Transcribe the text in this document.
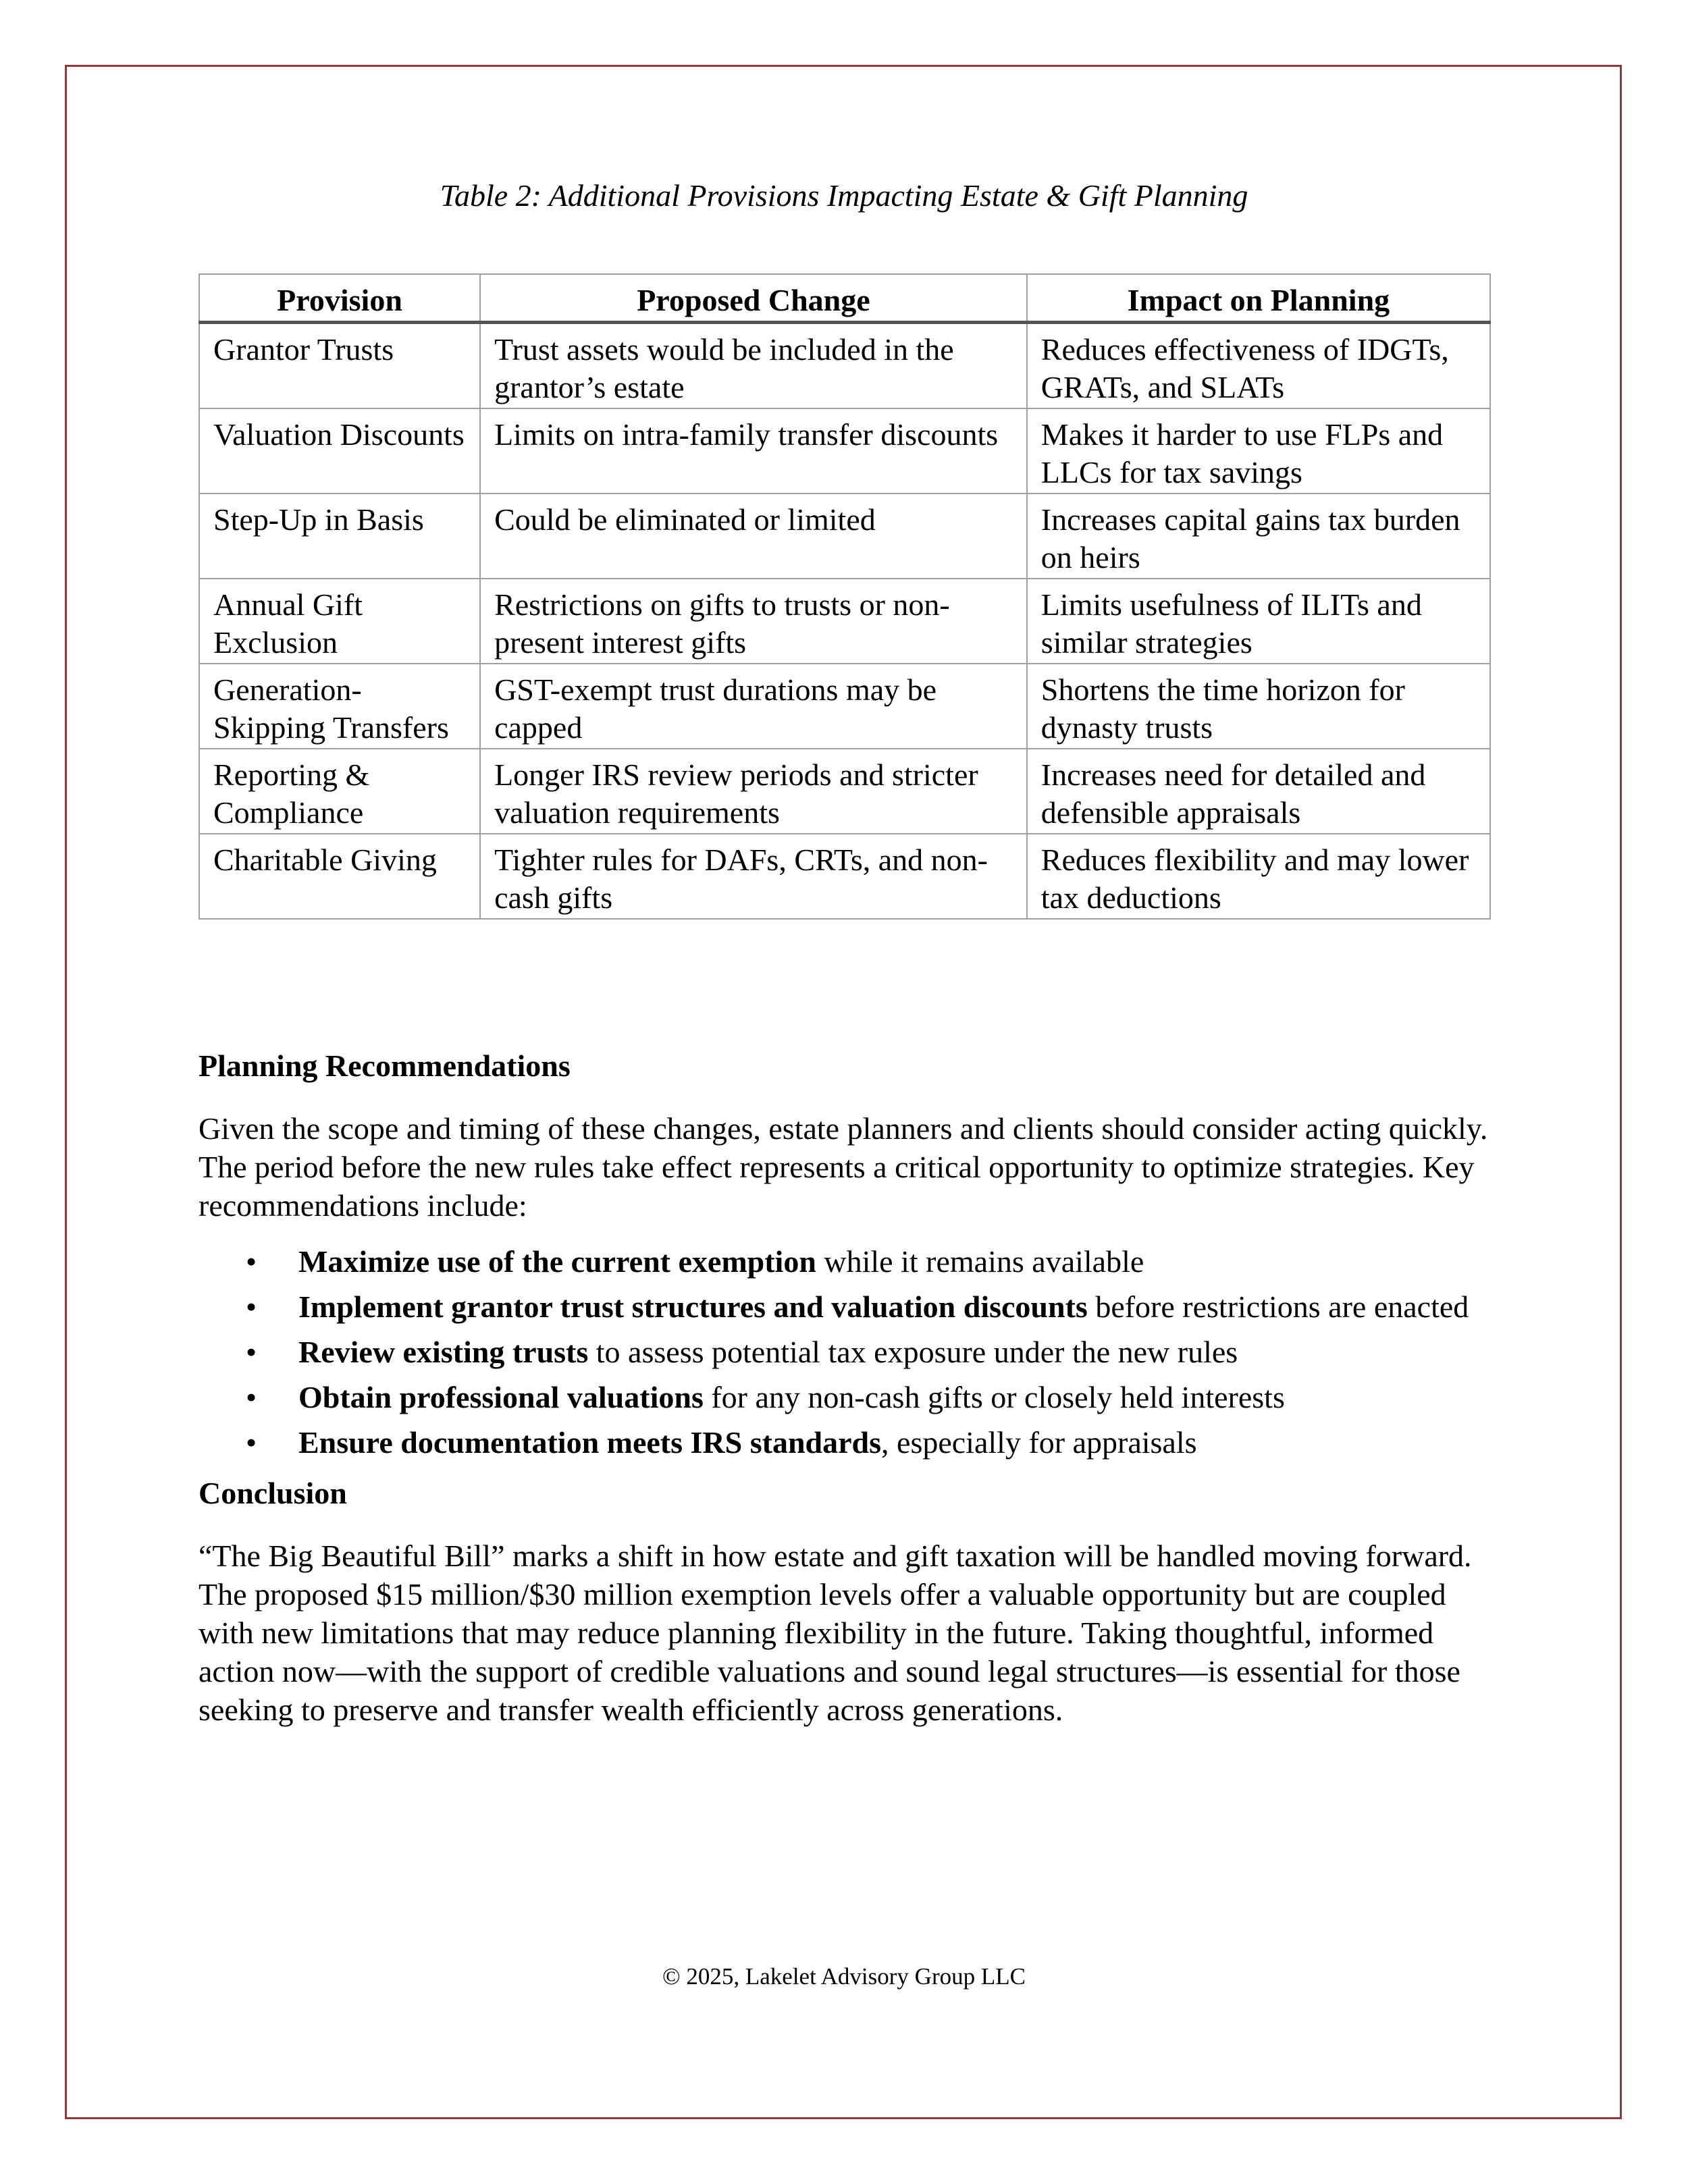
Table 2: Additional Provisions Impacting Estate & Gift Planning
Provision	Proposed Change	Impact on Planning
Grantor Trusts	Trust assets would be included in the grantor’s estate	Reduces effectiveness of IDGTs, GRATs, and SLATs
Valuation Discounts	Limits on intra-family transfer discounts	Makes it harder to use FLPs and LLCs for tax savings
Step-Up in Basis	Could be eliminated or limited	Increases capital gains tax burden on heirs
Annual Gift Exclusion	Restrictions on gifts to trusts or non-present interest gifts	Limits usefulness of ILITs and similar strategies
Generation-Skipping Transfers	GST-exempt trust durations may be capped	Shortens the time horizon for dynasty trusts
Reporting & Compliance	Longer IRS review periods and stricter valuation requirements	Increases need for detailed and defensible appraisals
Charitable Giving	Tighter rules for DAFs, CRTs, and non-cash gifts	Reduces flexibility and may lower tax deductions
Planning Recommendations
Given the scope and timing of these changes, estate planners and clients should consider acting quickly. The period before the new rules take effect represents a critical opportunity to optimize strategies. Key recommendations include:
• Maximize use of the current exemption while it remains available
• Implement grantor trust structures and valuation discounts before restrictions are enacted
• Review existing trusts to assess potential tax exposure under the new rules
• Obtain professional valuations for any non-cash gifts or closely held interests
• Ensure documentation meets IRS standards, especially for appraisals
Conclusion
“The Big Beautiful Bill” marks a shift in how estate and gift taxation will be handled moving forward. The proposed $15 million/$30 million exemption levels offer a valuable opportunity but are coupled with new limitations that may reduce planning flexibility in the future. Taking thoughtful, informed action now—with the support of credible valuations and sound legal structures—is essential for those seeking to preserve and transfer wealth efficiently across generations.
© 2025, Lakelet Advisory Group LLC
